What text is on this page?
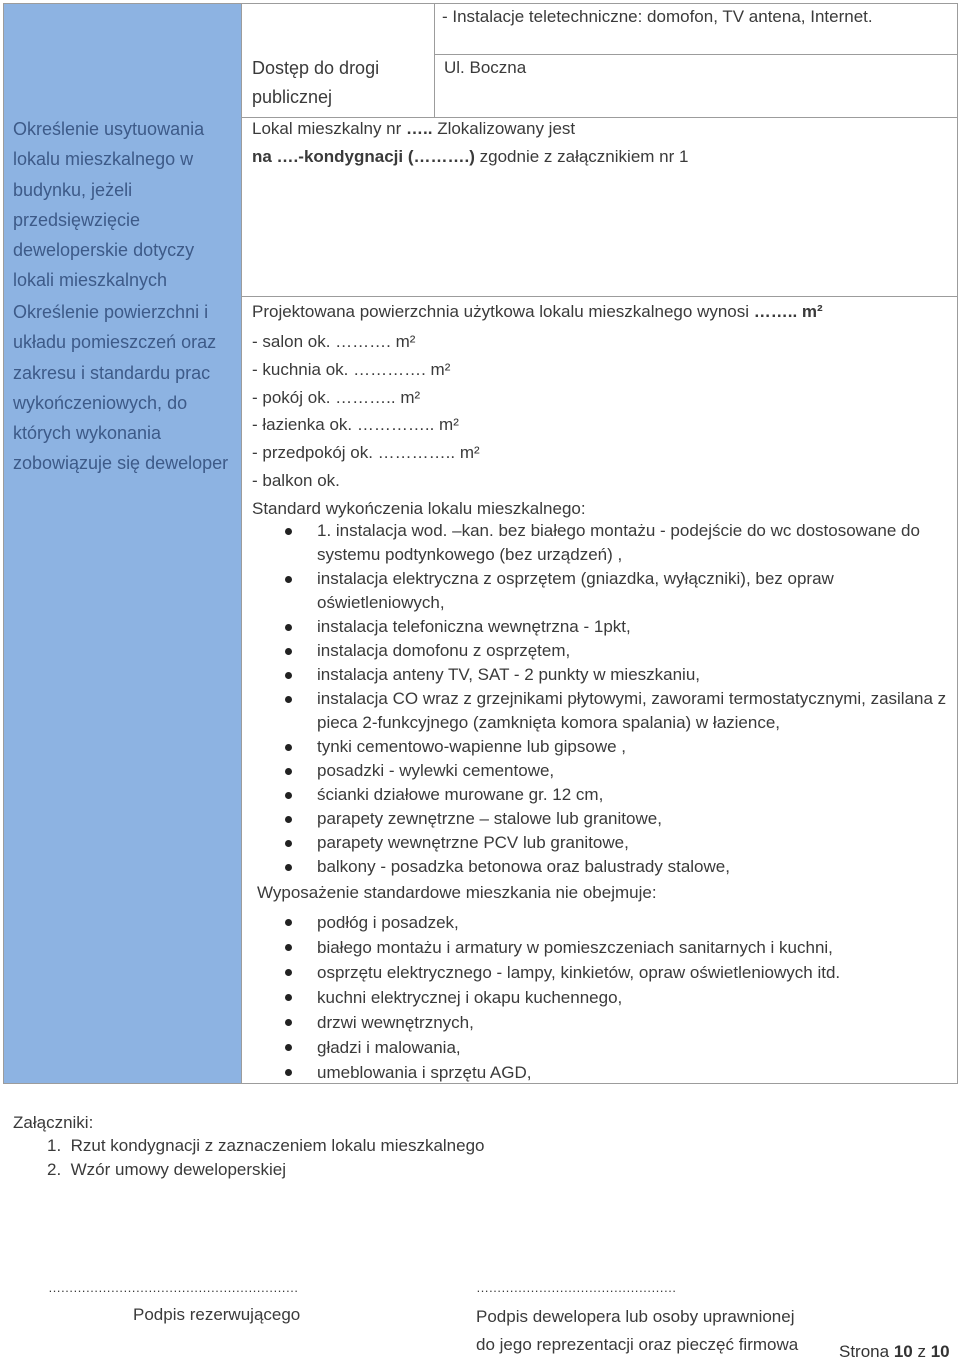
- Instalacje teletechniczne: domofon, TV antena, Internet.
Dostęp do drogi publicznej
Ul. Boczna
Określenie usytuowania lokalu mieszkalnego w budynku, jeżeli przedsięwzięcie deweloperskie dotyczy lokali mieszkalnych
Lokal mieszkalny nr ….. Zlokalizowany jest
na ….-kondygnacji (……….) zgodnie z załącznikiem nr 1
Określenie powierzchni i układu pomieszczeń oraz zakresu i standardu prac wykończeniowych, do których wykonania zobowiązuje się deweloper
Projektowana powierzchnia użytkowa lokalu mieszkalnego wynosi …….. m²
- salon ok. ………. m²
- kuchnia ok. …………. m²
- pokój ok. ……….. m²
- łazienka ok. ………….. m²
- przedpokój ok. ………….. m²
- balkon ok.
Standard wykończenia lokalu mieszkalnego:
1. instalacja wod. –kan. bez białego montażu - podejście do wc dostosowane do systemu podtynkowego (bez urządzeń) ,
instalacja elektryczna z osprzętem (gniazdka, wyłączniki), bez opraw oświetleniowych,
instalacja telefoniczna wewnętrzna - 1pkt,
instalacja domofonu z osprzętem,
instalacja anteny TV, SAT - 2 punkty w mieszkaniu,
instalacja CO wraz z grzejnikami płytowymi, zaworami termostatycznymi, zasilana z pieca 2-funkcyjnego (zamknięta komora spalania) w łazience,
tynki cementowo-wapienne lub gipsowe ,
posadzki - wylewki cementowe,
ścianki działowe murowane gr. 12 cm,
parapety zewnętrzne – stalowe lub granitowe,
parapety wewnętrzne PCV lub granitowe,
balkony - posadzka betonowa oraz balustrady stalowe,
Wyposażenie standardowe mieszkania nie obejmuje:
podłóg i posadzek,
białego montażu i armatury w pomieszczeniach sanitarnych i kuchni,
osprzętu elektrycznego - lampy, kinkietów, opraw oświetleniowych itd.
kuchni elektrycznej i okapu kuchennego,
drzwi wewnętrznych,
gładzi i malowania,
umeblowania i sprzętu AGD,
Załączniki:
1.  Rzut kondygnacji z zaznaczeniem lokalu mieszkalnego
2.  Wzór umowy deweloperskiej
……………………………………………………
Podpis rezerwującego
…………………………………………
Podpis dewelopera lub osoby uprawnionej
do jego reprezentacji oraz pieczęć firmowa Strona 10 z 10
